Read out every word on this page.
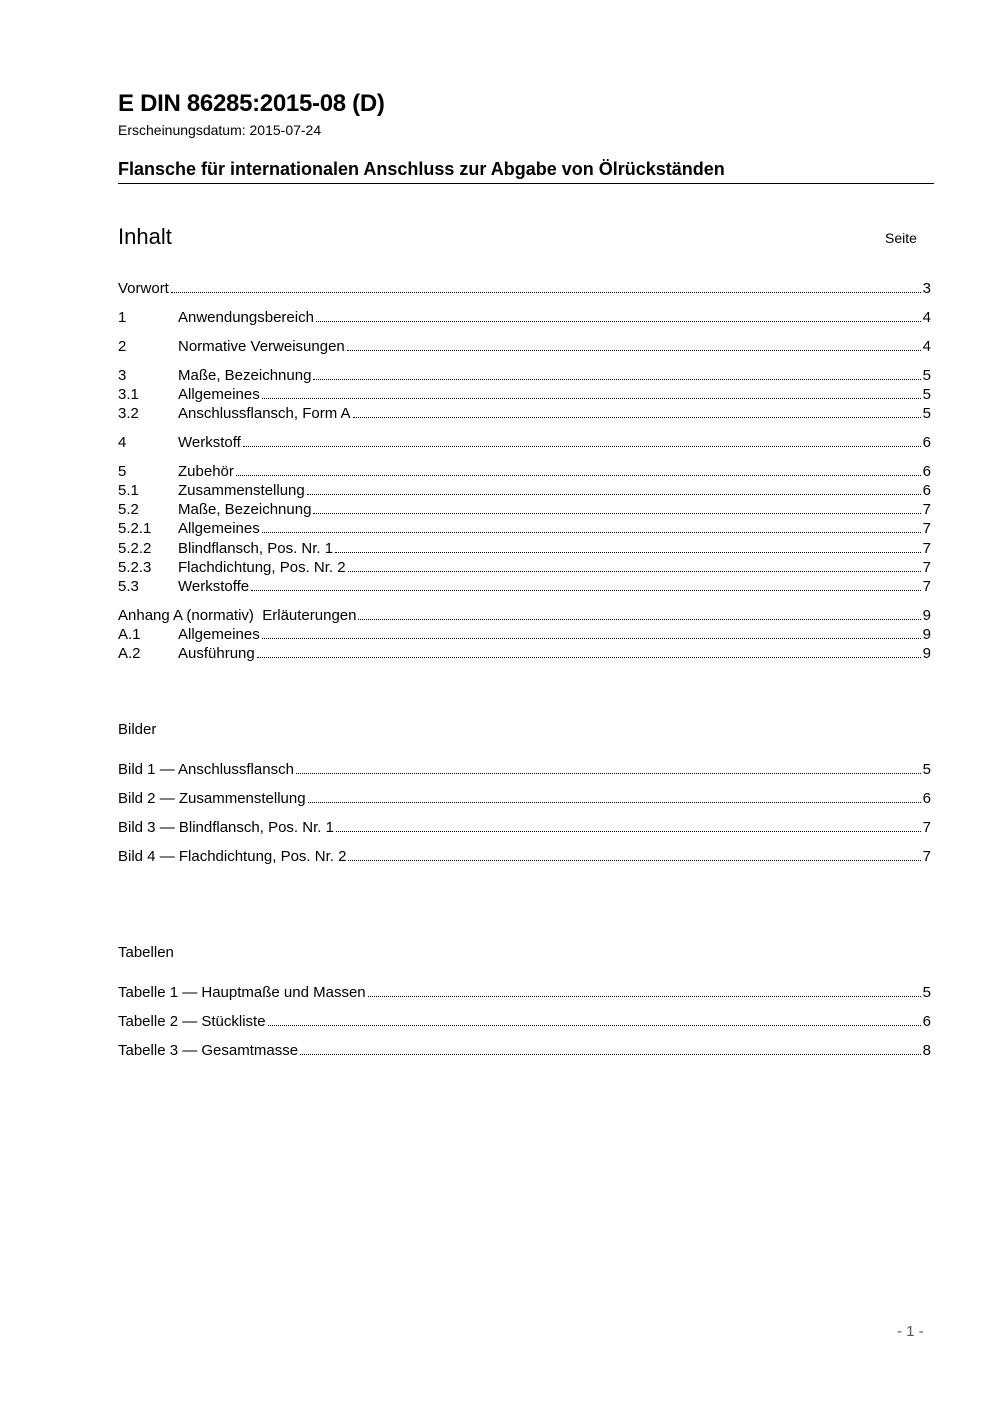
E DIN 86285:2015-08 (D)
Erscheinungsdatum: 2015-07-24
Flansche für internationalen Anschluss zur Abgabe von Ölrückständen
Inhalt	Seite
Vorwort	3
1	Anwendungsbereich	4
2	Normative Verweisungen	4
3	Maße, Bezeichnung	5
3.1	Allgemeines	5
3.2	Anschlussflansch, Form A	5
4	Werkstoff	6
5	Zubehör	6
5.1	Zusammenstellung	6
5.2	Maße, Bezeichnung	7
5.2.1	Allgemeines	7
5.2.2	Blindflansch, Pos. Nr. 1	7
5.2.3	Flachdichtung, Pos. Nr. 2	7
5.3	Werkstoffe	7
Anhang A (normativ)  Erläuterungen	9
A.1	Allgemeines	9
A.2	Ausführung	9
Bilder
Bild 1 — Anschlussflansch	5
Bild 2 — Zusammenstellung	6
Bild 3 — Blindflansch, Pos. Nr. 1	7
Bild 4 — Flachdichtung, Pos. Nr. 2	7
Tabellen
Tabelle 1 — Hauptmaße und Massen	5
Tabelle 2 — Stückliste	6
Tabelle 3 — Gesamtmasse	8
- 1 -
